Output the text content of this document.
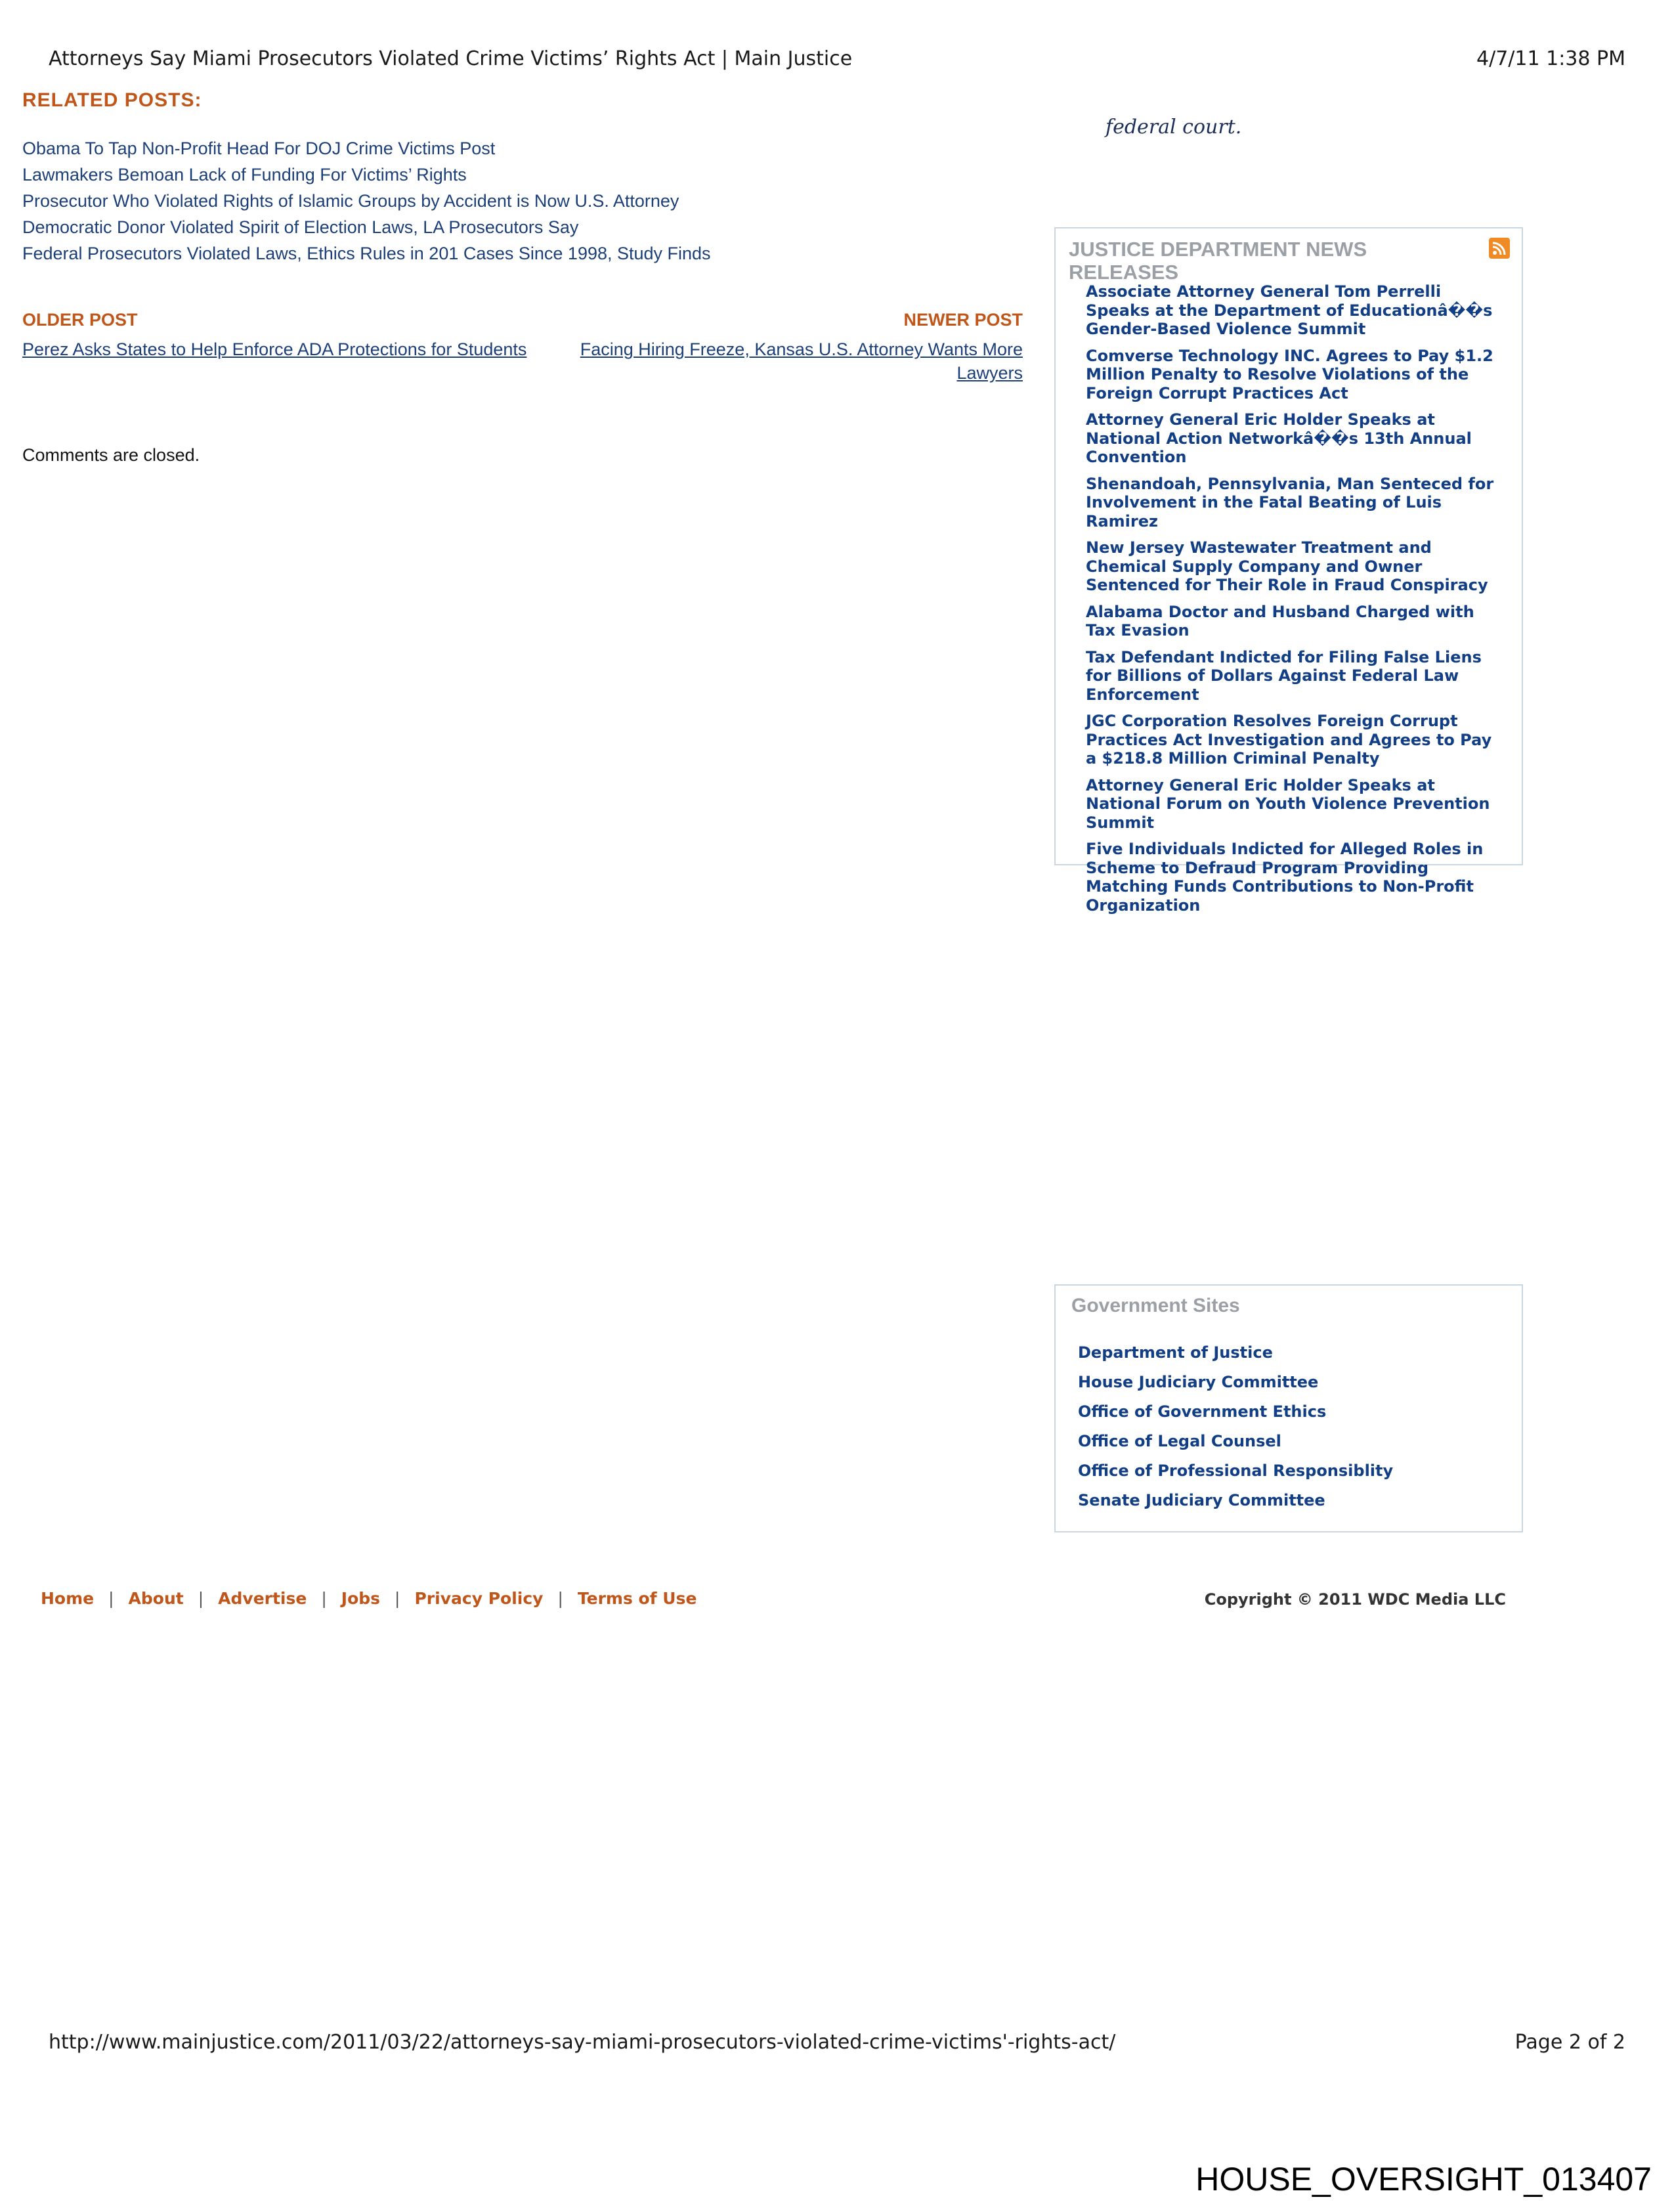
Attorneys Say Miami Prosecutors Violated Crime Victims’ Rights Act | Main Justice	4/7/11 1:38 PM
RELATED POSTS:
Obama To Tap Non-Profit Head For DOJ Crime Victims Post
Lawmakers Bemoan Lack of Funding For Victims’ Rights
Prosecutor Who Violated Rights of Islamic Groups by Accident is Now U.S. Attorney
Democratic Donor Violated Spirit of Election Laws, LA Prosecutors Say
Federal Prosecutors Violated Laws, Ethics Rules in 201 Cases Since 1998, Study Finds
OLDER POST
Perez Asks States to Help Enforce ADA Protections for Students
NEWER POST
Facing Hiring Freeze, Kansas U.S. Attorney Wants More Lawyers
Comments are closed.
federal court.
JUSTICE DEPARTMENT NEWS RELEASES
Associate Attorney General Tom Perrelli Speaks at the Department of Educationâ��s Gender-Based Violence Summit
Comverse Technology INC. Agrees to Pay $1.2 Million Penalty to Resolve Violations of the Foreign Corrupt Practices Act
Attorney General Eric Holder Speaks at National Action Networkâ��s 13th Annual Convention
Shenandoah, Pennsylvania, Man Senteced for Involvement in the Fatal Beating of Luis Ramirez
New Jersey Wastewater Treatment and Chemical Supply Company and Owner Sentenced for Their Role in Fraud Conspiracy
Alabama Doctor and Husband Charged with Tax Evasion
Tax Defendant Indicted for Filing False Liens for Billions of Dollars Against Federal Law Enforcement
JGC Corporation Resolves Foreign Corrupt Practices Act Investigation and Agrees to Pay a $218.8 Million Criminal Penalty
Attorney General Eric Holder Speaks at National Forum on Youth Violence Prevention Summit
Five Individuals Indicted for Alleged Roles in Scheme to Defraud Program Providing Matching Funds Contributions to Non-Profit Organization
Government Sites
Department of Justice
House Judiciary Committee
Office of Government Ethics
Office of Legal Counsel
Office of Professional Responsiblity
Senate Judiciary Committee
Home | About | Advertise | Jobs | Privacy Policy | Terms of Use	Copyright © 2011 WDC Media LLC
http://www.mainjustice.com/2011/03/22/attorneys-say-miami-prosecutors-violated-crime-victims'-rights-act/	Page 2 of 2
HOUSE_OVERSIGHT_013407
